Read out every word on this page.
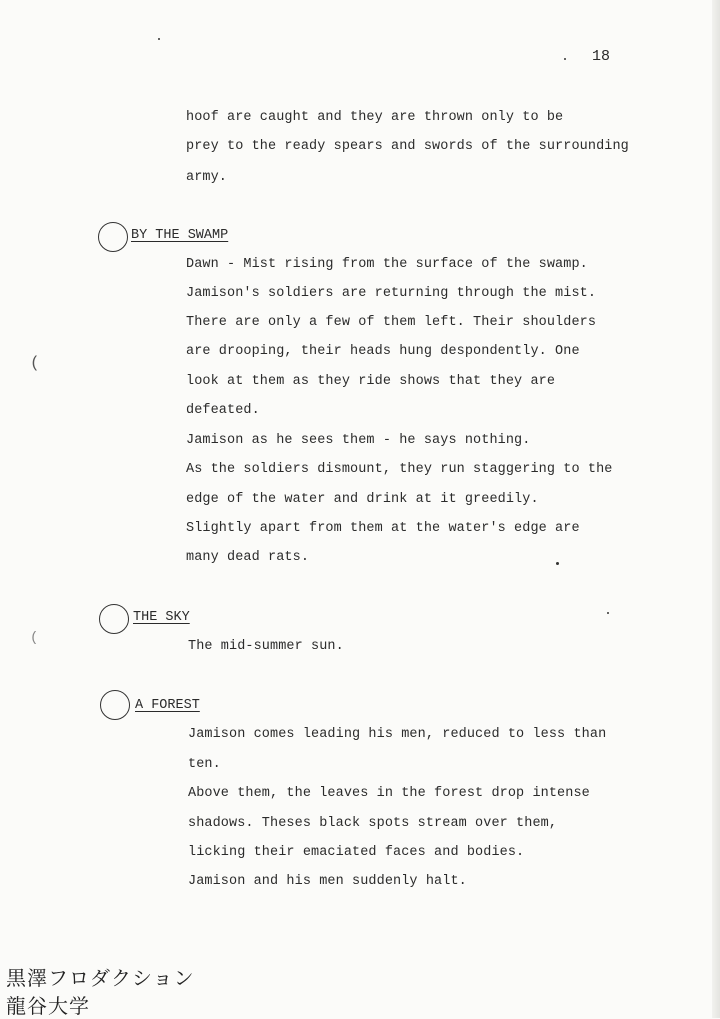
18
hoof are caught and they are thrown only to be
prey to the ready spears and swords of the surrounding
army.
BY THE SWAMP
Dawn - Mist rising from the surface of the swamp.
Jamison's soldiers are returning through the mist.
There are only a few of them left. Their shoulders
are drooping, their heads hung despondently. One
look at them as they ride shows that they are
defeated.
Jamison as he sees them - he says nothing.
As the soldiers dismount, they run staggering to the
edge of the water and drink at it greedily.
Slightly apart from them at the water's edge are
many dead rats.
THE SKY
The mid-summer sun.
A FOREST
Jamison comes leading his men, reduced to less than
ten.
Above them, the leaves in the forest drop intense
shadows. Theses black spots stream over them,
licking their emaciated faces and bodies.
Jamison and his men suddenly halt.
(
(
黒澤フロダクション
龍谷大学
